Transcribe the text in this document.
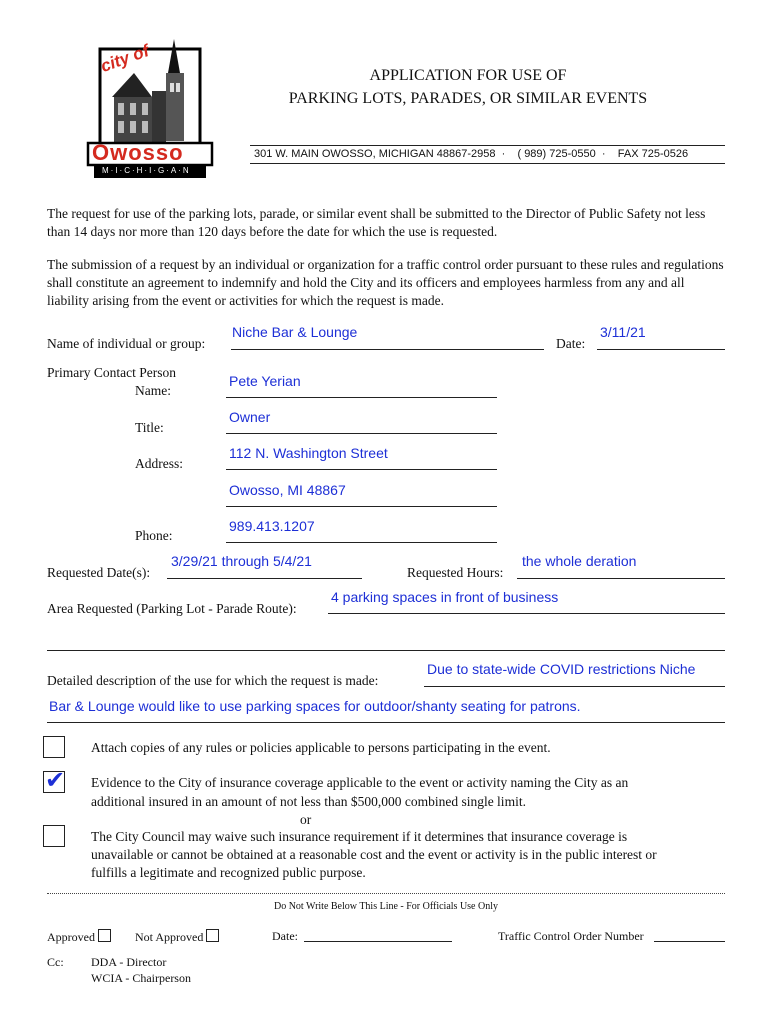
city of
Owosso
M·I·C·H·I·G·A·N
APPLICATION FOR USE OF
PARKING LOTS, PARADES, OR SIMILAR EVENTS
301 W. MAIN OWOSSO, MICHIGAN 48867-2958  ·    ( 989) 725-0550  ·    FAX 725-0526
The request for use of the parking lots, parade, or similar event shall be submitted to the Director of Public Safety not less than 14 days nor more than 120 days before the date for which the use is requested.
The submission of a request by an individual or organization for a traffic control order pursuant to these rules and regulations shall constitute an agreement to indemnify and hold the City and its officers and employees harmless from any and all liability arising from the event or activities for which the request is made.
Name of individual or group:
Niche Bar & Lounge
Date:
3/11/21
Primary Contact Person
Name:
Pete Yerian
Title:
Owner
Address:
112 N. Washington Street
Owosso, MI 48867
Phone:
989.413.1207
Requested Date(s):
3/29/21 through 5/4/21
Requested Hours:
the whole deration
Area Requested (Parking Lot - Parade Route):
4 parking spaces in front of business
Detailed description of the use for which the request is made:
Due to state-wide COVID restrictions Niche
Bar & Lounge would like to use parking spaces for outdoor/shanty seating for patrons.
Attach copies of any rules or policies applicable to persons participating in the event.
✔ Evidence to the City of insurance coverage applicable to the event or activity naming the City as an
additional insured in an amount of not less than $500,000 combined single limit.
or
The City Council may waive such insurance requirement if it determines that insurance coverage is
unavailable or cannot be obtained at a reasonable cost and the event or activity is in the public interest or
fulfills a legitimate and recognized public purpose.
Do Not Write Below This Line - For Officials Use Only
Approved	Not Approved	Date:	Traffic Control Order Number
Cc: DDA - Director
WCIA - Chairperson
